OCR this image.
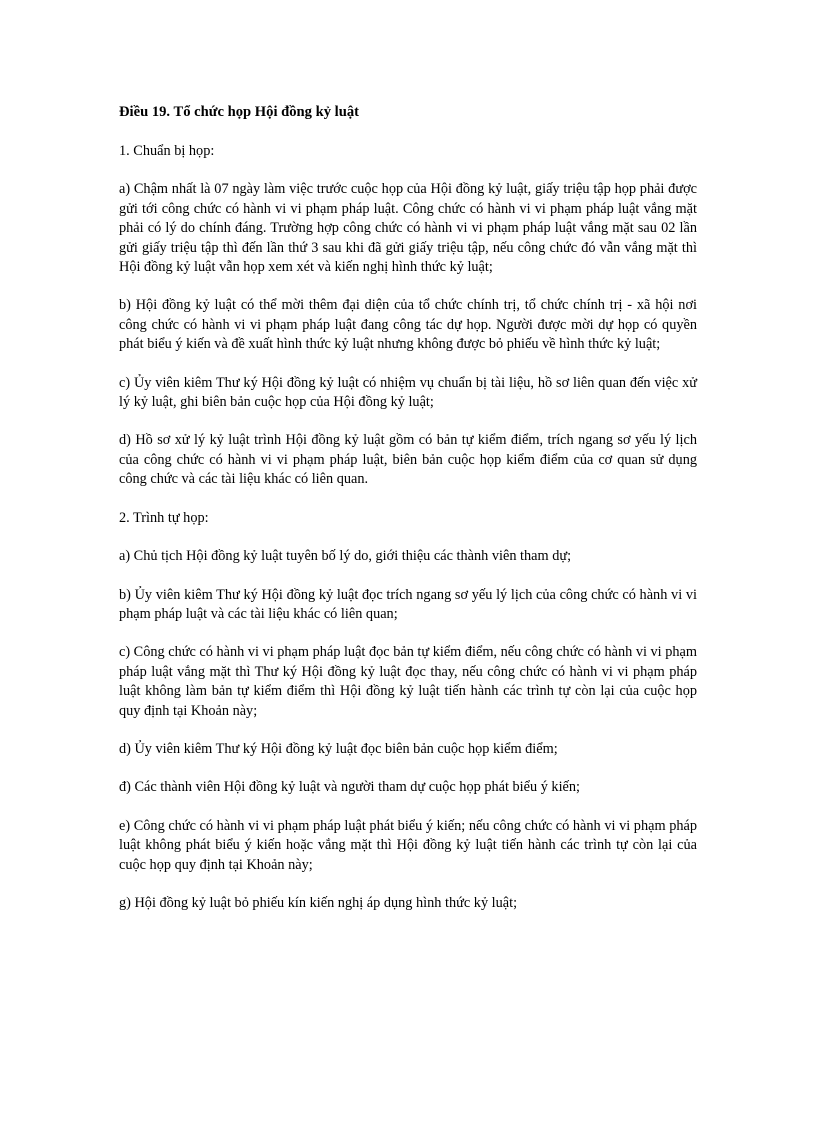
Điều 19. Tổ chức họp Hội đồng kỷ luật

1. Chuẩn bị họp:

a) Chậm nhất là 07 ngày làm việc trước cuộc họp của Hội đồng kỷ luật, giấy triệu tập họp phải được gửi tới công chức có hành vi vi phạm pháp luật. Công chức có hành vi vi phạm pháp luật vắng mặt phải có lý do chính đáng. Trường hợp công chức có hành vi vi phạm pháp luật vắng mặt sau 02 lần gửi giấy triệu tập thì đến lần thứ 3 sau khi đã gửi giấy triệu tập, nếu công chức đó vẫn vắng mặt thì Hội đồng kỷ luật vẫn họp xem xét và kiến nghị hình thức kỷ luật;

b) Hội đồng kỷ luật có thể mời thêm đại diện của tổ chức chính trị, tổ chức chính trị - xã hội nơi công chức có hành vi vi phạm pháp luật đang công tác dự họp. Người được mời dự họp có quyền phát biểu ý kiến và đề xuất hình thức kỷ luật nhưng không được bỏ phiếu về hình thức kỷ luật;

c) Ủy viên kiêm Thư ký Hội đồng kỷ luật có nhiệm vụ chuẩn bị tài liệu, hồ sơ liên quan đến việc xử lý kỷ luật, ghi biên bản cuộc họp của Hội đồng kỷ luật;

d) Hồ sơ xử lý kỷ luật trình Hội đồng kỷ luật gồm có bản tự kiểm điểm, trích ngang sơ yếu lý lịch của công chức có hành vi vi phạm pháp luật, biên bản cuộc họp kiểm điểm của cơ quan sử dụng công chức và các tài liệu khác có liên quan.

2. Trình tự họp:

a) Chủ tịch Hội đồng kỷ luật tuyên bố lý do, giới thiệu các thành viên tham dự;

b) Ủy viên kiêm Thư ký Hội đồng kỷ luật đọc trích ngang sơ yếu lý lịch của công chức có hành vi vi phạm pháp luật và các tài liệu khác có liên quan;

c) Công chức có hành vi vi phạm pháp luật đọc bản tự kiểm điểm, nếu công chức có hành vi vi phạm pháp luật vắng mặt thì Thư ký Hội đồng kỷ luật đọc thay, nếu công chức có hành vi vi phạm pháp luật không làm bản tự kiểm điểm thì Hội đồng kỷ luật tiến hành các trình tự còn lại của cuộc họp quy định tại Khoản này;

d) Ủy viên kiêm Thư ký Hội đồng kỷ luật đọc biên bản cuộc họp kiểm điểm;

đ) Các thành viên Hội đồng kỷ luật và người tham dự cuộc họp phát biểu ý kiến;

e) Công chức có hành vi vi phạm pháp luật phát biểu ý kiến; nếu công chức có hành vi vi phạm pháp luật không phát biểu ý kiến hoặc vắng mặt thì Hội đồng kỷ luật tiến hành các trình tự còn lại của cuộc họp quy định tại Khoản này;

g) Hội đồng kỷ luật bỏ phiếu kín kiến nghị áp dụng hình thức kỷ luật;
